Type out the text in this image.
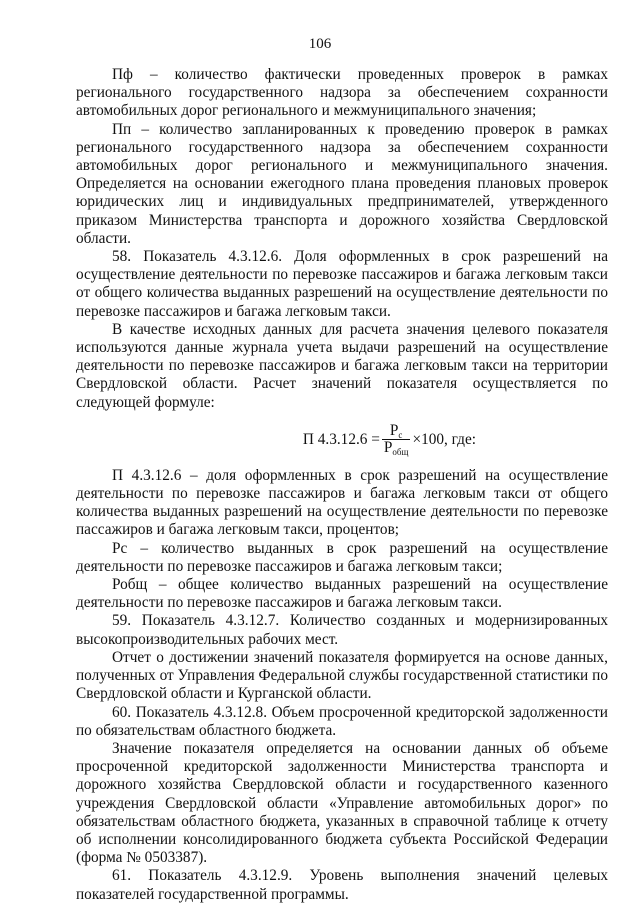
106

Пф – количество фактически проведенных проверок в рамках регионального государственного надзора за обеспечением сохранности автомобильных дорог регионального и межмуниципального значения;

Пп – количество запланированных к проведению проверок в рамках регионального государственного надзора за обеспечением сохранности автомобильных дорог регионального и межмуниципального значения. Определяется на основании ежегодного плана проведения плановых проверок юридических лиц и индивидуальных предпринимателей, утвержденного приказом Министерства транспорта и дорожного хозяйства Свердловской области.

58. Показатель 4.3.12.6. Доля оформленных в срок разрешений на осуществление деятельности по перевозке пассажиров и багажа легковым такси от общего количества выданных разрешений на осуществление деятельности по перевозке пассажиров и багажа легковым такси.

В качестве исходных данных для расчета значения целевого показателя используются данные журнала учета выдачи разрешений на осуществление деятельности по перевозке пассажиров и багажа легковым такси на территории Свердловской области. Расчет значений показателя осуществляется по следующей формуле:

П $4.3.12.6 = \frac{Р_с}{Р_{общ}} \times 100$, где:

П 4.3.12.6 – доля оформленных в срок разрешений на осуществление деятельности по перевозке пассажиров и багажа легковым такси от общего количества выданных разрешений на осуществление деятельности по перевозке пассажиров и багажа легковым такси, процентов;

Рс – количество выданных в срок разрешений на осуществление деятельности по перевозке пассажиров и багажа легковым такси;

Робщ – общее количество выданных разрешений на осуществление деятельности по перевозке пассажиров и багажа легковым такси.

59. Показатель 4.3.12.7. Количество созданных и модернизированных высокопроизводительных рабочих мест.

Отчет о достижении значений показателя формируется на основе данных, полученных от Управления Федеральной службы государственной статистики по Свердловской области и Курганской области.

60. Показатель 4.3.12.8. Объем просроченной кредиторской задолженности по обязательствам областного бюджета.

Значение показателя определяется на основании данных об объеме просроченной кредиторской задолженности Министерства транспорта и дорожного хозяйства Свердловской области и государственного казенного учреждения Свердловской области «Управление автомобильных дорог» по обязательствам областного бюджета, указанных в справочной таблице к отчету об исполнении консолидированного бюджета субъекта Российской Федерации (форма № 0503387).

61. Показатель 4.3.12.9. Уровень выполнения значений целевых показателей государственной программы.
